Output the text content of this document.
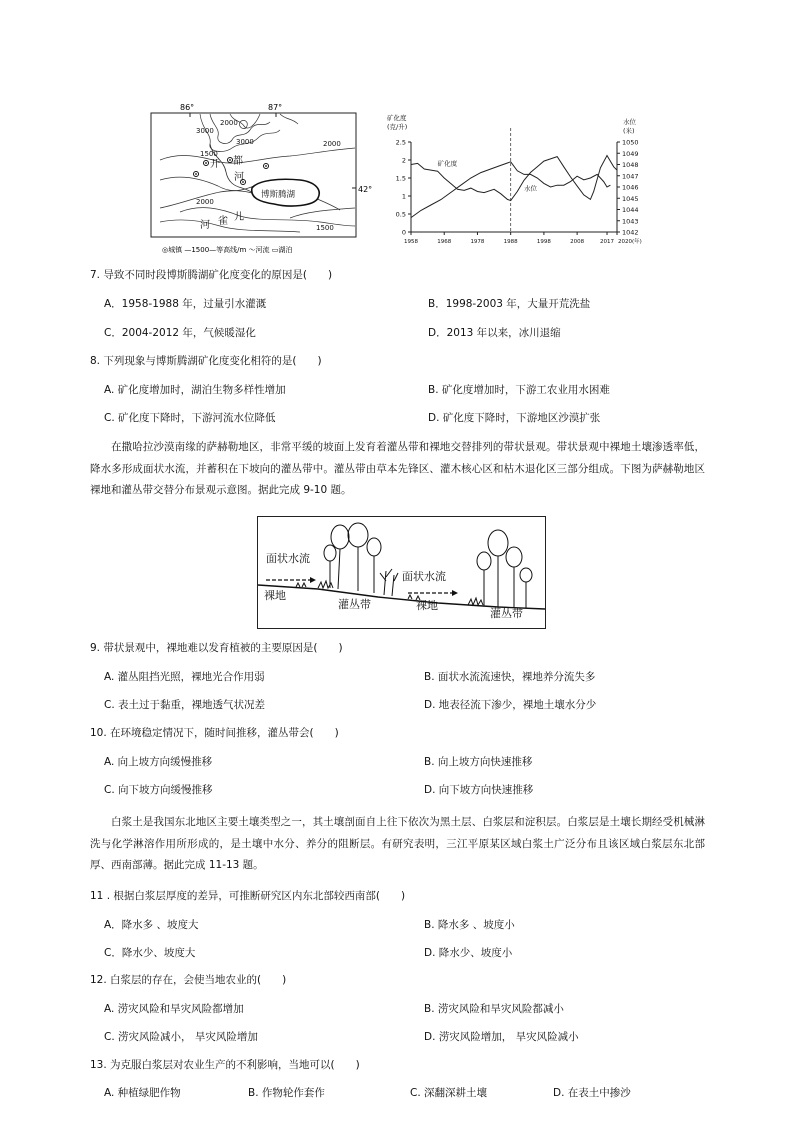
86°	87°
42°
2000
3000
1500
3000	2000
2000
1500
开 都
河
博斯腾湖
河 雀 儿
◎城镇 —1500—等高线/m ～河流 ▭湖泊
矿化度
(克/升)
水位
(米)
0
0.5
1
1.5
2
2.5
1042
1043
1044
1045
1046
1047
1048
1049
1050
1958	1968	1978	1988	1998	2008	2017 2020(年)
矿化度
水位
7. 导致不同时段博斯腾湖矿化度变化的原因是(　　)
A．1958-1988 年，过量引水灌溉	B．1998-2003 年，大量开荒洗盐
C．2004-2012 年，气候暖湿化	D．2013 年以来，冰川退缩
8. 下列现象与博斯腾湖矿化度变化相符的是(　　)
A. 矿化度增加时，湖泊生物多样性增加	B. 矿化度增加时，下游工农业用水困难
C. 矿化度下降时，下游河流水位降低	D. 矿化度下降时，下游地区沙漠扩张
在撒哈拉沙漠南缘的萨赫勒地区，非常平缓的坡面上发育着灌丛带和裸地交替排列的带状景观。带状景观中裸地土壤渗透率低， 降水多形成面状水流，并蓄积在下坡向的灌丛带中。灌丛带由草本先锋区、灌木核心区和枯木退化区三部分组成。下图为萨赫勒地区裸地和灌丛带交替分布景观示意图。据此完成 9-10 题。
面状水流
面状水流
裸地
灌丛带	裸地
灌丛带
9. 带状景观中，裸地难以发育植被的主要原因是(　　)
A. 灌丛阻挡光照，裸地光合作用弱	B. 面状水流流速快，裸地养分流失多
C. 表土过于黏重，裸地透气状况差	D. 地表径流下渗少，裸地土壤水分少
10. 在环境稳定情况下，随时间推移，灌丛带会(　　)
A. 向上坡方向缓慢推移	B. 向上坡方向快速推移
C. 向下坡方向缓慢推移	D. 向下坡方向快速推移
白浆土是我国东北地区主要土壤类型之一，其土壤剖面自上往下依次为黑土层、白浆层和淀积层。白浆层是土壤长期经受机械淋洗与化学淋溶作用所形成的，是土壤中水分、养分的阻断层。有研究表明，三江平原某区域白浆土广泛分布且该区域白浆层东北部厚、西南部薄。据此完成 11-13 题。
11 . 根据白浆层厚度的差异，可推断研究区内东北部较西南部(　　)
A．降水多 、坡度大	B. 降水多 、坡度小
C．降水少、坡度大	D. 降水少、坡度小
12. 白浆层的存在，会使当地农业的(　　)
A. 涝灾风险和旱灾风险都增加	B. 涝灾风险和旱灾风险都减小
C. 涝灾风险减小， 旱灾风险增加	D. 涝灾风险增加， 旱灾风险减小
13. 为克服白浆层对农业生产的不利影响，当地可以(　　)
A. 种植绿肥作物	B. 作物轮作套作	C. 深翻深耕土壤	D. 在表土中掺沙
